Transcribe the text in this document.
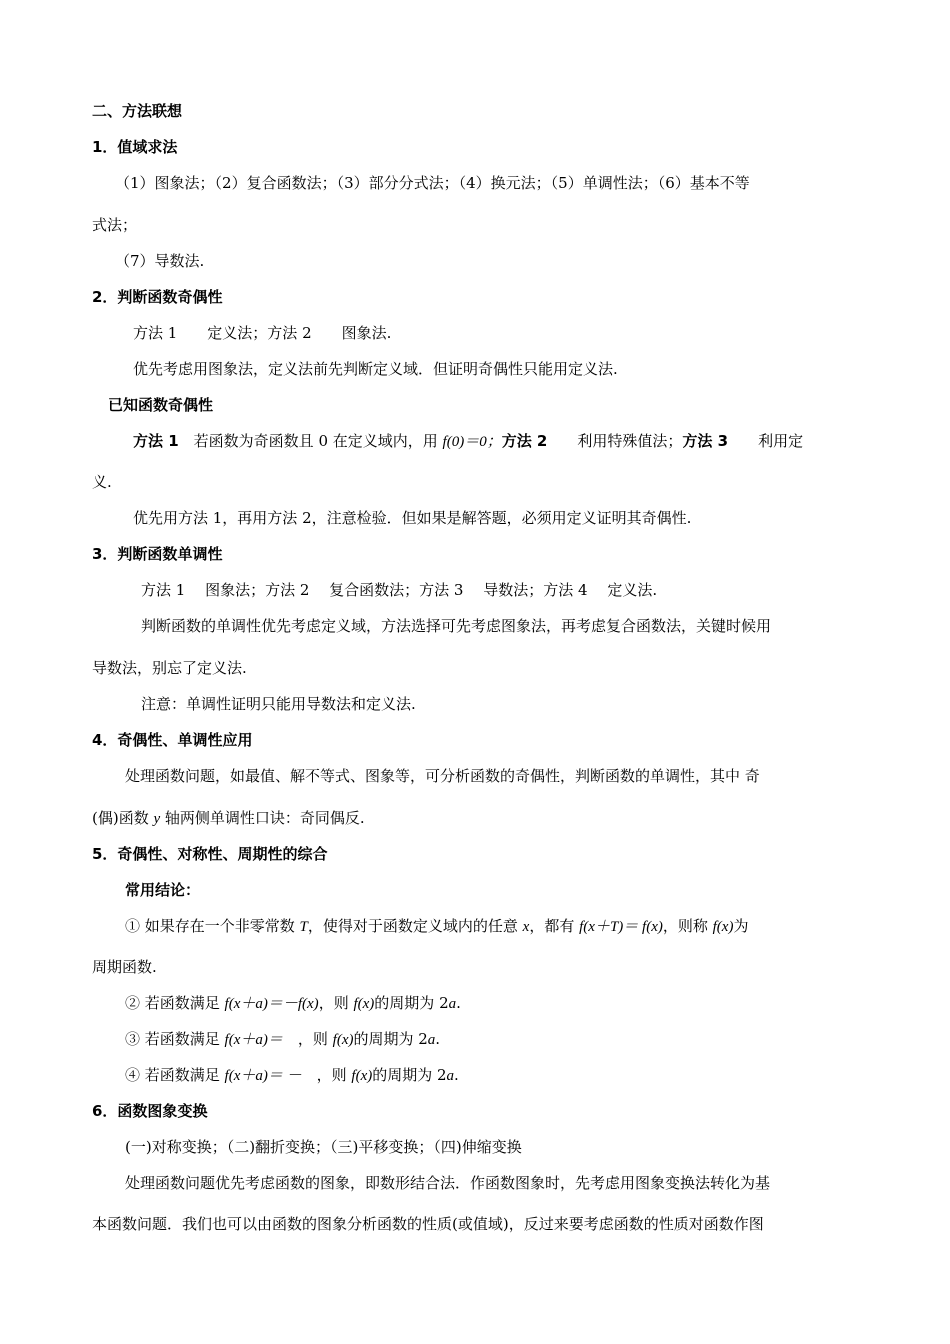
二、方法联想
1．值域求法
（1）图象法；（2）复合函数法；（3）部分分式法；（4）换元法；（5）单调性法；（6）基本不等
式法；
（7）导数法.
2．判断函数奇偶性
方法 1　　定义法；方法 2　　图象法.
优先考虑用图象法，定义法前先判断定义域．但证明奇偶性只能用定义法.
已知函数奇偶性
方法 1　若函数为奇函数且 0 在定义域内，用 f(0)＝0；方法 2　　利用特殊值法；方法 3　　利用定
义.
优先用方法 1，再用方法 2，注意检验．但如果是解答题，必须用定义证明其奇偶性.
3．判断函数单调性
方法 1　 图象法；方法 2　 复合函数法；方法 3　 导数法；方法 4　 定义法.
判断函数的单调性优先考虑定义域，方法选择可先考虑图象法，再考虑复合函数法，关键时候用
导数法，别忘了定义法.
注意：单调性证明只能用导数法和定义法.
4．奇偶性、单调性应用
处理函数问题，如最值、解不等式、图象等，可分析函数的奇偶性，判断函数的单调性，其中 奇
(偶)函数 y 轴两侧单调性口诀：奇同偶反.
5．奇偶性、对称性、周期性的综合
常用结论：
① 如果存在一个非零常数 T，使得对于函数定义域内的任意 x，都有 f(x＋T)＝ f(x)，则称 f(x)为
周期函数.
② 若函数满足 f(x＋a)＝－f(x)，则 f(x)的周期为 2a.
③ 若函数满足 f(x＋a)＝　，则 f(x)的周期为 2a.
④ 若函数满足 f(x＋a)＝ －　，则 f(x)的周期为 2a.
6．函数图象变换
(一)对称变换；（二)翻折变换；（三)平移变换；（四)伸缩变换
处理函数问题优先考虑函数的图象，即数形结合法．作函数图象时，先考虑用图象变换法转化为基
本函数问题．我们也可以由函数的图象分析函数的性质(或值域)，反过来要考虑函数的性质对函数作图
